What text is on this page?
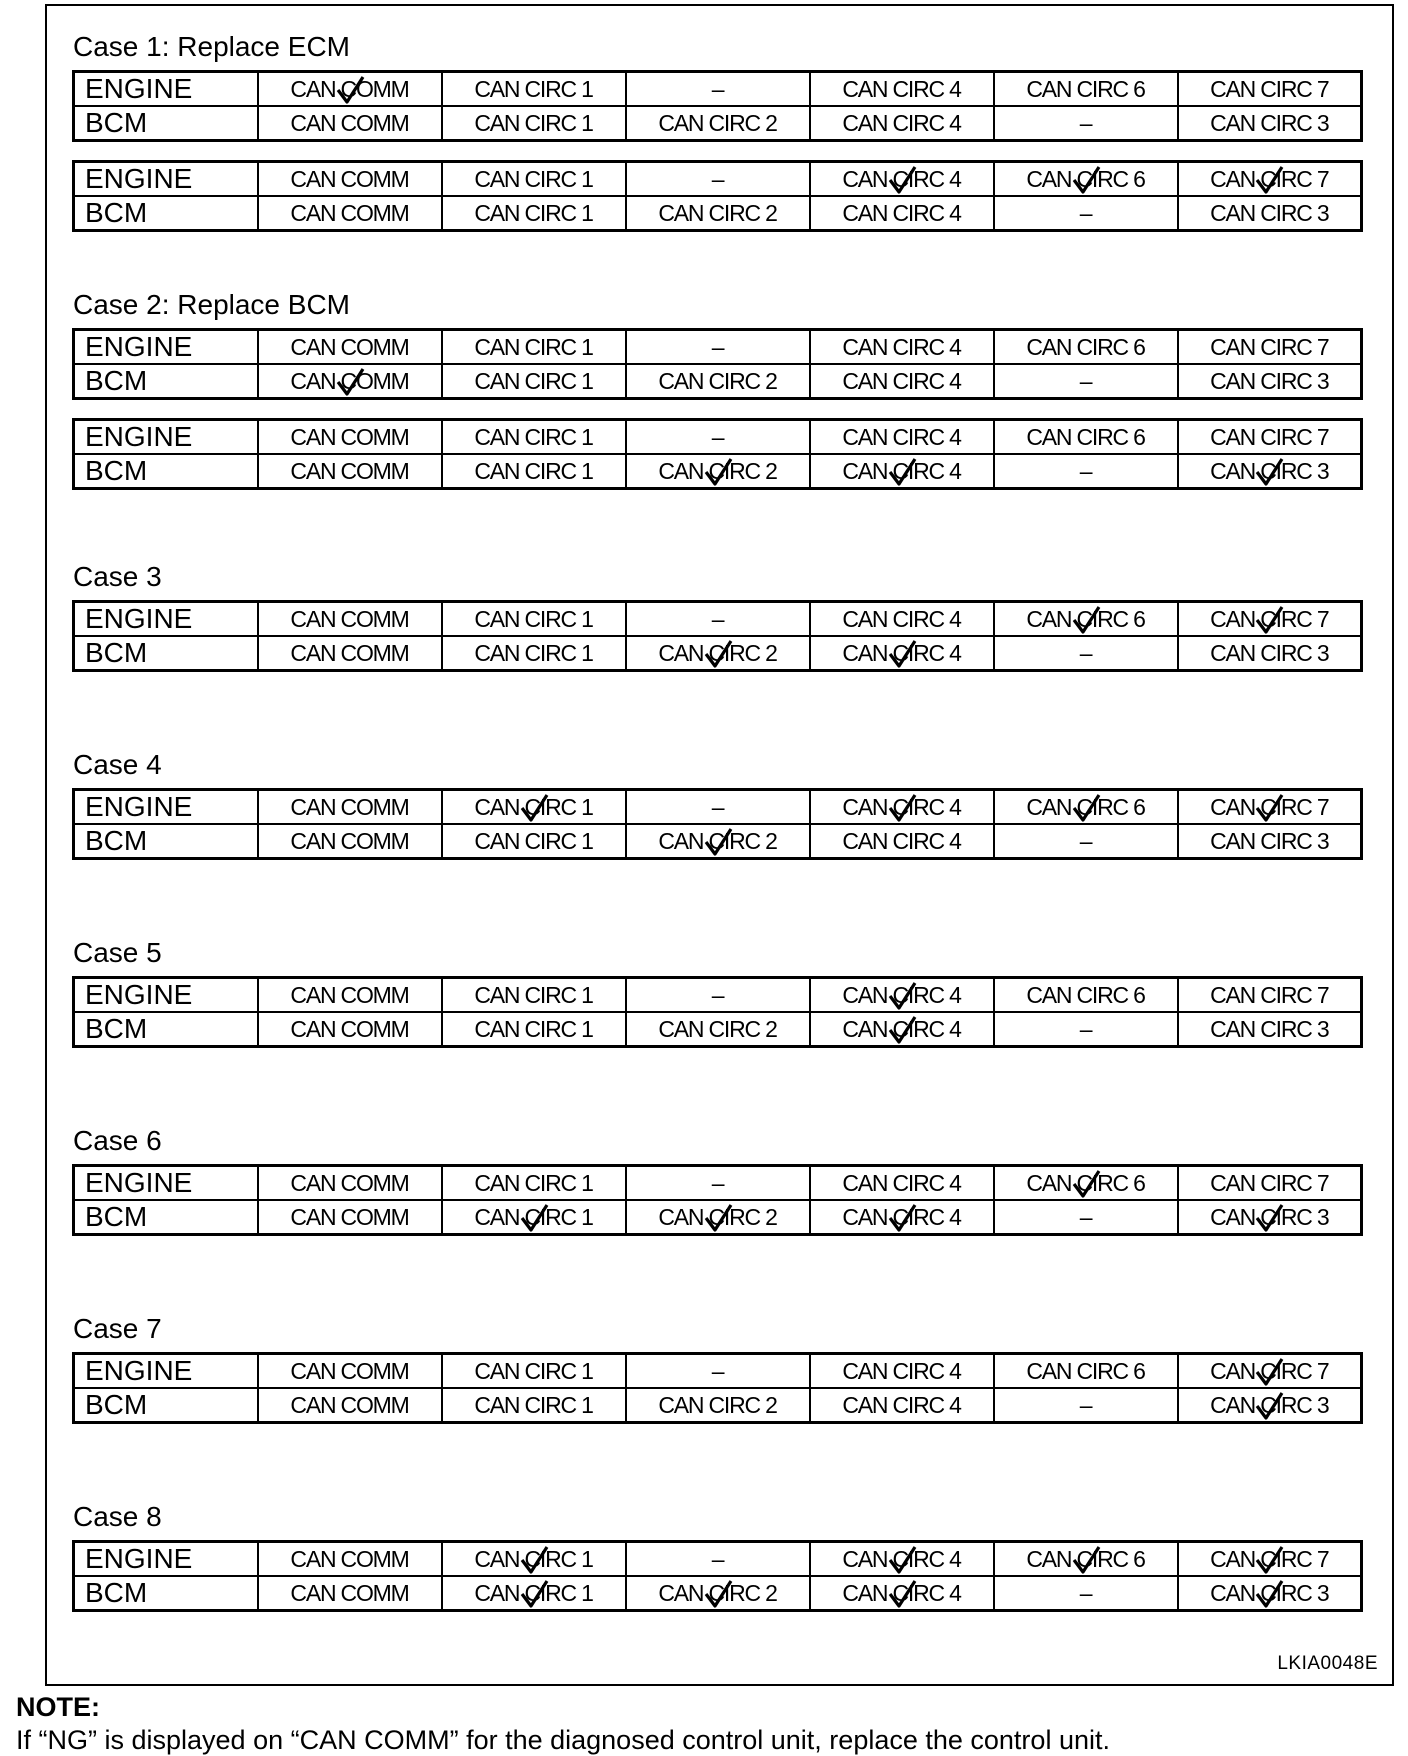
Case 1: Replace ECM
ENGINE	CAN COMM	CAN CIRC 1	–	CAN CIRC 4	CAN CIRC 6	CAN CIRC 7
BCM	CAN COMM	CAN CIRC 1	CAN CIRC 2	CAN CIRC 4	–	CAN CIRC 3
ENGINE	CAN COMM	CAN CIRC 1	–	CAN CIRC 4	CAN CIRC 6	CAN CIRC 7

BCM	CAN COMM	CAN CIRC 1	CAN CIRC 2	CAN CIRC 4	–	CAN CIRC 3
Case 2: Replace BCM
ENGINE	CAN COMM	CAN CIRC 1	–	CAN CIRC 4	CAN CIRC 6	CAN CIRC 7
BCM	CAN COMM	CAN CIRC 1	CAN CIRC 2	CAN CIRC 4	–	CAN CIRC 3
ENGINE	CAN COMM	CAN CIRC 1	–	CAN CIRC 4	CAN CIRC 6	CAN CIRC 7
BCM	CAN COMM	CAN CIRC 1	CAN CIRC 2	CAN CIRC 4	–	CAN CIRC 3
Case 3
ENGINE	CAN COMM	CAN CIRC 1	–	CAN CIRC 4	CAN CIRC 6	CAN CIRC 7

BCM	CAN COMM	CAN CIRC 1	CAN CIRC 2	CAN CIRC 4	–	CAN CIRC 3
Case 4
ENGINE	CAN COMM	CAN CIRC 1	–	CAN CIRC 4	CAN CIRC 6	CAN CIRC 7

BCM	CAN COMM	CAN CIRC 1	CAN CIRC 2	CAN CIRC 4	–	CAN CIRC 3
Case 5
ENGINE	CAN COMM	CAN CIRC 1	–	CAN CIRC 4	CAN CIRC 6	CAN CIRC 7
BCM	CAN COMM	CAN CIRC 1	CAN CIRC 2	CAN CIRC 4	–	CAN CIRC 3
Case 6
ENGINE	CAN COMM	CAN CIRC 1	–	CAN CIRC 4	CAN CIRC 6	CAN CIRC 7
BCM	CAN COMM	CAN CIRC 1	CAN CIRC 2	CAN CIRC 4	–	CAN CIRC 3
Case 7
ENGINE	CAN COMM	CAN CIRC 1	–	CAN CIRC 4	CAN CIRC 6	CAN CIRC 7

BCM	CAN COMM	CAN CIRC 1	CAN CIRC 2	CAN CIRC 4	–	CAN CIRC 3
Case 8
ENGINE	CAN COMM	CAN CIRC 1	–	CAN CIRC 4	CAN CIRC 6	CAN CIRC 7

BCM	CAN COMM	CAN CIRC 1	CAN CIRC 2	CAN CIRC 4	–	CAN CIRC 3
LKIA0048E
NOTE:
If “NG” is displayed on “CAN COMM” for the diagnosed control unit, replace the control unit.
